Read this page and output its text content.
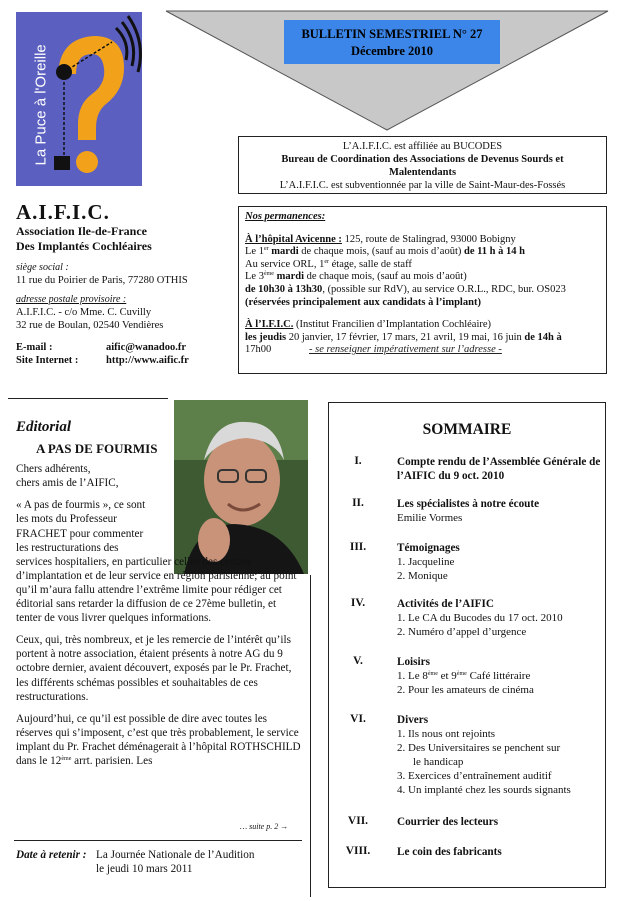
La Puce à l'Oreille
BULLETIN SEMESTRIEL N° 27
Décembre 2010
L’A.I.F.I.C. est affiliée au BUCODES
Bureau de Coordination des Associations de Devenus Sourds et
Malentendants
L’A.I.F.I.C. est subventionnée par la ville de Saint-Maur-des-Fossés
A.I.F.I.C.
Association Ile-de-France
Des Implantés Cochléaires
siège social :
11 rue du Poirier de Paris, 77280 OTHIS
adresse postale provisoire :
A.I.F.I.C. - c/o Mme. C. Cuvilly
32 rue de Boulan, 02540 Vendières
E-mail :	aific@wanadoo.fr
Site Internet :	http://www.aific.fr
Nos permanences:
À l’hôpital Avicenne : 125, route de Stalingrad, 93000 Bobigny
Le 1er mardi de chaque mois, (sauf au mois d’août) de 11 h à 14 h
Au service ORL, 1er étage, salle de staff
Le 3ème mardi de chaque mois, (sauf au mois d’août)
de 10h30 à 13h30, (possible sur RdV), au service O.R.L., RDC, bur. OS023
(réservées principalement aux candidats à l’implant)
À l’I.F.I.C. (Institut Francilien d’Implantation Cochléaire)
les jeudis 20 janvier, 17 février, 17 mars, 21 avril, 19 mai, 16 juin de 14h à
17h00	- se renseigner impérativement sur l’adresse -
Editorial
A PAS DE FOURMIS
Chers adhérents,
chers amis de l’AIFIC,
« A pas de fourmis », ce sont
les mots du Professeur
FRACHET pour commenter
les restructurations des
services hospitaliers, en particulier celles des centres d’implantation et de leur service en région parisienne; au point qu’il m’aura fallu attendre l’extrême limite pour rédiger cet éditorial sans retarder la diffusion de ce 27ème bulletin, et tenter de vous livrer quelques informations.
Ceux, qui, très nombreux, et je les remercie de l’intérêt qu’ils portent à notre association, étaient présents à notre AG du 9 octobre dernier, avaient découvert, exposés par le Pr. Frachet, les différents schémas possibles et souhaitables de ces restructurations.
Aujourd’hui, ce qu’il est possible de dire avec toutes les réserves qui s’imposent, c’est que très probablement, le service implant du Pr. Frachet déménagerait à l’hôpital ROTHSCHILD dans le 12ème arrt. parisien. Les
… suite p. 2 →
Date à retenir : La Journée Nationale de l’Audition
le jeudi 10 mars 2011
SOMMAIRE
I.	Compte rendu de l’Assemblée Générale de l’AIFIC du 9 oct. 2010
II.	Les spécialistes à notre écoute
Emilie Vormes
III.	Témoignages
1. Jacqueline
2. Monique
IV.	Activités de l’AIFIC
1. Le CA du Bucodes du 17 oct. 2010
2. Numéro d’appel d’urgence
V.	Loisirs
1. Le 8ème et 9ème Café littéraire
2. Pour les amateurs de cinéma
VI.	Divers
1. Ils nous ont rejoints
2. Des Universitaires se penchent sur
le handicap
3. Exercices d’entraînement auditif
4. Un implanté chez les sourds signants
VII.	Courrier des lecteurs
VIII.	Le coin des fabricants
